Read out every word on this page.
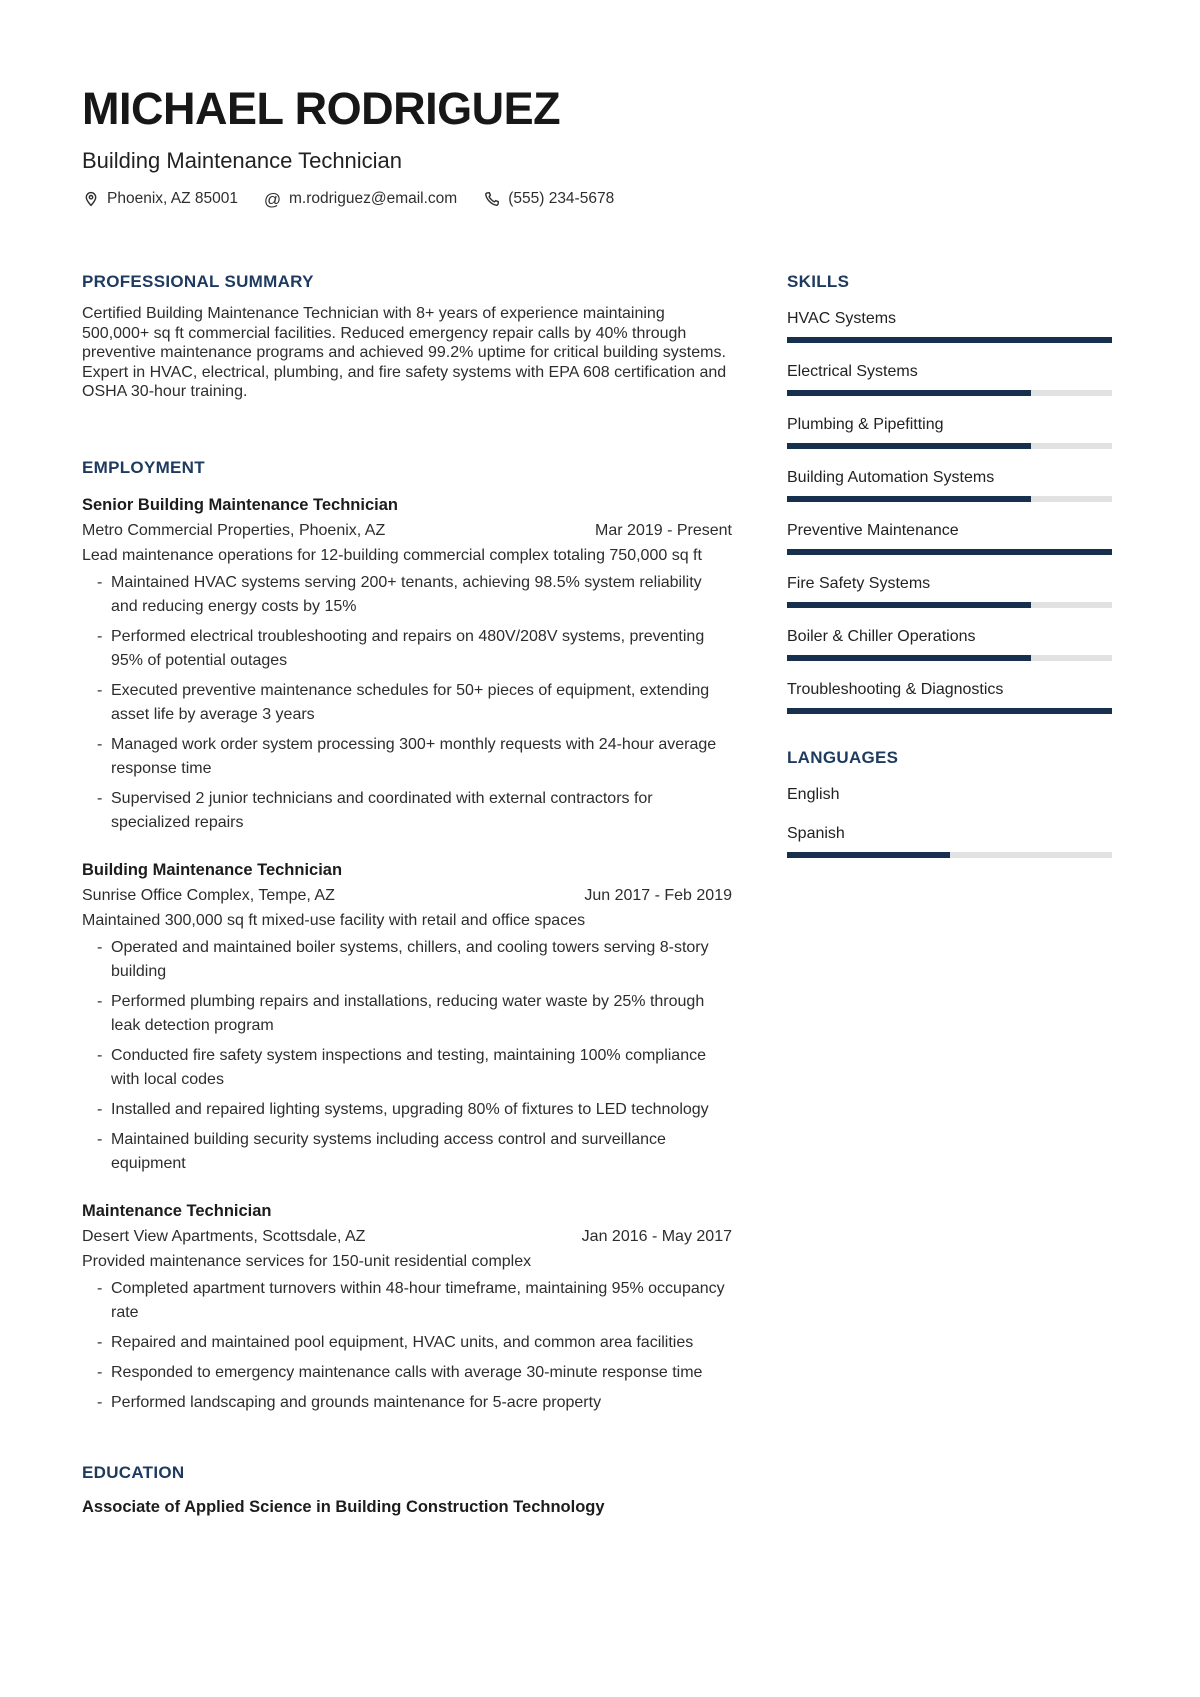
MICHAEL RODRIGUEZ
Building Maintenance Technician
Phoenix, AZ 85001 @ m.rodriguez@email.com	(555) 234-5678
PROFESSIONAL SUMMARY

Certified Building Maintenance Technician with 8+ years of experience maintaining 500,000+ sq ft commercial facilities. Reduced emergency repair calls by 40% through preventive maintenance programs and achieved 99.2% uptime for critical building systems. Expert in HVAC, electrical, plumbing, and fire safety systems with EPA 608 certification and OSHA 30-hour training.

EMPLOYMENT
Senior Building Maintenance Technician
Metro Commercial Properties, Phoenix, AZ	Mar 2019 - Present
Lead maintenance operations for 12-building commercial complex totaling 750,000 sq ft
- Maintained HVAC systems serving 200+ tenants, achieving 98.5% system reliability and reducing energy costs by 15%
- Performed electrical troubleshooting and repairs on 480V/208V systems, preventing 95% of potential outages
- Executed preventive maintenance schedules for 50+ pieces of equipment, extending asset life by average 3 years
- Managed work order system processing 300+ monthly requests with 24-hour average response time
- Supervised 2 junior technicians and coordinated with external contractors for specialized repairs
Building Maintenance Technician
Sunrise Office Complex, Tempe, AZ	Jun 2017 - Feb 2019
Maintained 300,000 sq ft mixed-use facility with retail and office spaces
- Operated and maintained boiler systems, chillers, and cooling towers serving 8-story building
- Performed plumbing repairs and installations, reducing water waste by 25% through leak detection program
- Conducted fire safety system inspections and testing, maintaining 100% compliance with local codes
- Installed and repaired lighting systems, upgrading 80% of fixtures to LED technology
- Maintained building security systems including access control and surveillance equipment
Maintenance Technician
Desert View Apartments, Scottsdale, AZ	Jan 2016 - May 2017
Provided maintenance services for 150-unit residential complex
- Completed apartment turnovers within 48-hour timeframe, maintaining 95% occupancy rate
- Repaired and maintained pool equipment, HVAC units, and common area facilities
- Responded to emergency maintenance calls with average 30-minute response time
- Performed landscaping and grounds maintenance for 5-acre property
EDUCATION
Associate of Applied Science in Building Construction Technology
SKILLS
HVAC Systems
Electrical Systems
Plumbing & Pipefitting
Building Automation Systems
Preventive Maintenance
Fire Safety Systems
Boiler & Chiller Operations
Troubleshooting & Diagnostics
LANGUAGES
English
Spanish
